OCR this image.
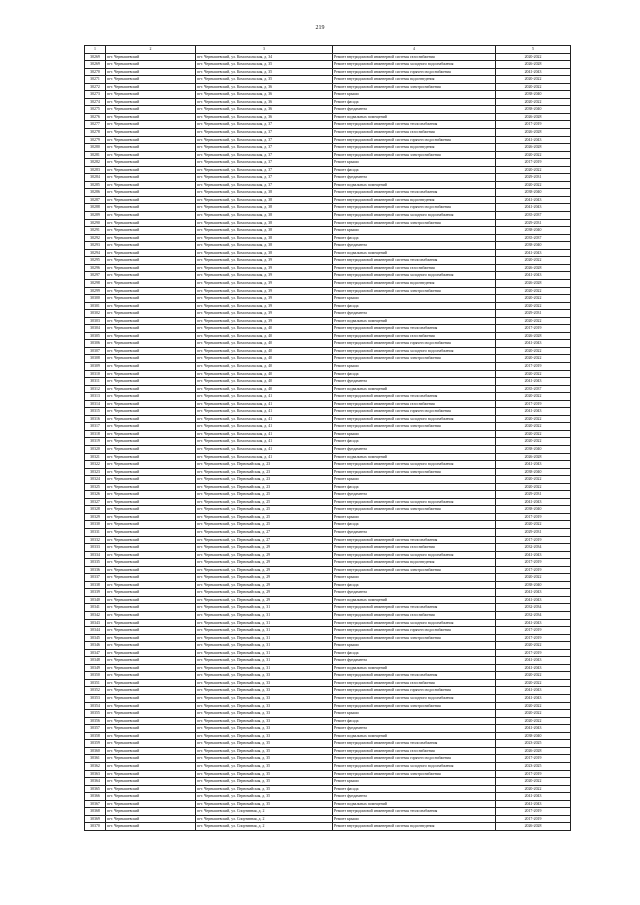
219
1	2	3	4	5
30269	пгт. Чернышевский	пгт. Чернышевский, ул. Комсомольская, д. 34	Ремонт внутридомовой инженерной системы газоснабжения	2020-2022
30269	пгт. Чернышевский	пгт. Чернышевский, ул. Комсомольская, д. 35	Ремонт внутридомовой инженерной системы холодного водоснабжения	2026-2028
30270	пгт. Чернышевский	пгт. Чернышевский, ул. Комсомольская, д. 35	Ремонт внутридомовой инженерной системы горячего водоснабжения	2041-2043
30271	пгт. Чернышевский	пгт. Чернышевский, ул. Комсомольская, д. 35	Ремонт внутридомовой инженерной системы водоотведения	2020-2022
30272	пгт. Чернышевский	пгт. Чернышевский, ул. Комсомольская, д. 36	Ремонт внутридомовой инженерной системы электроснабжения	2020-2022
30273	пгт. Чернышевский	пгт. Чернышевский, ул. Комсомольская, д. 36	Ремонт крыши	2038-2040
30274	пгт. Чернышевский	пгт. Чернышевский, ул. Комсомольская, д. 36	Ремонт фасада	2020-2022
30275	пгт. Чернышевский	пгт. Чернышевский, ул. Комсомольская, д. 36	Ремонт фундамента	2038-2040
30276	пгт. Чернышевский	пгт. Чернышевский, ул. Комсомольская, д. 36	Ремонт подвальных помещений	2026-2028
30277	пгт. Чернышевский	пгт. Чернышевский, ул. Комсомольская, д. 37	Ремонт внутридомовой инженерной системы теплоснабжения	2017-2019
30278	пгт. Чернышевский	пгт. Чернышевский, ул. Комсомольская, д. 37	Ремонт внутридомовой инженерной системы газоснабжения	2026-2028
30279	пгт. Чернышевский	пгт. Чернышевский, ул. Комсомольская, д. 37	Ремонт внутридомовой инженерной системы горячего водоснабжения	2041-2043
30280	пгт. Чернышевский	пгт. Чернышевский, ул. Комсомольская, д. 37	Ремонт внутридомовой инженерной системы водоотведения	2026-2028
30281	пгт. Чернышевский	пгт. Чернышевский, ул. Комсомольская, д. 37	Ремонт внутридомовой инженерной системы электроснабжения	2020-2022
30282	пгт. Чернышевский	пгт. Чернышевский, ул. Комсомольская, д. 37	Ремонт крыши	2017-2019
30283	пгт. Чернышевский	пгт. Чернышевский, ул. Комсомольская, д. 37	Ремонт фасада	2020-2022
30284	пгт. Чернышевский	пгт. Чернышевский, ул. Комсомольская, д. 37	Ремонт фундамента	2029-2031
30285	пгт. Чернышевский	пгт. Чернышевский, ул. Комсомольская, д. 37	Ремонт подвальных помещений	2020-2022
30286	пгт. Чернышевский	пгт. Чернышевский, ул. Комсомольская, д. 38	Ремонт внутридомовой инженерной системы теплоснабжения	2038-2040
30287	пгт. Чернышевский	пгт. Чернышевский, ул. Комсомольская, д. 38	Ремонт внутридомовой инженерной системы водоотведения	2041-2043
30288	пгт. Чернышевский	пгт. Чернышевский, ул. Комсомольская, д. 38	Ремонт внутридомовой инженерной системы горячего водоснабжения	2041-2043
30289	пгт. Чернышевский	пгт. Чернышевский, ул. Комсомольская, д. 38	Ремонт внутридомовой инженерной системы холодного водоснабжения	2035-2037
30290	пгт. Чернышевский	пгт. Чернышевский, ул. Комсомольская, д. 38	Ремонт внутридомовой инженерной системы электроснабжения	2029-2031
30291	пгт. Чернышевский	пгт. Чернышевский, ул. Комсомольская, д. 38	Ремонт крыши	2038-2040
30292	пгт. Чернышевский	пгт. Чернышевский, ул. Комсомольская, д. 38	Ремонт фасада	2035-2037
30293	пгт. Чернышевский	пгт. Чернышевский, ул. Комсомольская, д. 38	Ремонт фундамента	2038-2040
30294	пгт. Чернышевский	пгт. Чернышевский, ул. Комсомольская, д. 38	Ремонт подвальных помещений	2041-2043
30295	пгт. Чернышевский	пгт. Чернышевский, ул. Комсомольская, д. 39	Ремонт внутридомовой инженерной системы теплоснабжения	2020-2022
30296	пгт. Чернышевский	пгт. Чернышевский, ул. Комсомольская, д. 39	Ремонт внутридомовой инженерной системы газоснабжения	2026-2028
30297	пгт. Чернышевский	пгт. Чернышевский, ул. Комсомольская, д. 39	Ремонт внутридомовой инженерной системы холодного водоснабжения	2041-2043
30298	пгт. Чернышевский	пгт. Чернышевский, ул. Комсомольская, д. 39	Ремонт внутридомовой инженерной системы водоотведения	2026-2028
30299	пгт. Чернышевский	пгт. Чернышевский, ул. Комсомольская, д. 39	Ремонт внутридомовой инженерной системы электроснабжения	2020-2022
30300	пгт. Чернышевский	пгт. Чернышевский, ул. Комсомольская, д. 39	Ремонт крыши	2020-2022
30301	пгт. Чернышевский	пгт. Чернышевский, ул. Комсомольская, д. 39	Ремонт фасада	2020-2022
30302	пгт. Чернышевский	пгт. Чернышевский, ул. Комсомольская, д. 39	Ремонт фундамента	2029-2031
30303	пгт. Чернышевский	пгт. Чернышевский, ул. Комсомольская, д. 39	Ремонт подвальных помещений	2020-2022
30304	пгт. Чернышевский	пгт. Чернышевский, ул. Комсомольская, д. 40	Ремонт внутридомовой инженерной системы теплоснабжения	2017-2019
30305	пгт. Чернышевский	пгт. Чернышевский, ул. Комсомольская, д. 40	Ремонт внутридомовой инженерной системы газоснабжения	2026-2028
30306	пгт. Чернышевский	пгт. Чернышевский, ул. Комсомольская, д. 40	Ремонт внутридомовой инженерной системы горячего водоснабжения	2041-2043
30307	пгт. Чернышевский	пгт. Чернышевский, ул. Комсомольская, д. 40	Ремонт внутридомовой инженерной системы холодного водоснабжения	2020-2022
30308	пгт. Чернышевский	пгт. Чернышевский, ул. Комсомольская, д. 40	Ремонт внутридомовой инженерной системы электроснабжения	2020-2022
30309	пгт. Чернышевский	пгт. Чернышевский, ул. Комсомольская, д. 40	Ремонт крыши	2017-2019
30310	пгт. Чернышевский	пгт. Чернышевский, ул. Комсомольская, д. 40	Ремонт фасада	2020-2022
30311	пгт. Чернышевский	пгт. Чернышевский, ул. Комсомольская, д. 40	Ремонт фундамента	2041-2043
30312	пгт. Чернышевский	пгт. Чернышевский, ул. Комсомольская, д. 40	Ремонт подвальных помещений	2035-2037
30313	пгт. Чернышевский	пгт. Чернышевский, ул. Комсомольская, д. 41	Ремонт внутридомовой инженерной системы теплоснабжения	2020-2022
30314	пгт. Чернышевский	пгт. Чернышевский, ул. Комсомольская, д. 41	Ремонт внутридомовой инженерной системы газоснабжения	2017-2019
30315	пгт. Чернышевский	пгт. Чернышевский, ул. Комсомольская, д. 41	Ремонт внутридомовой инженерной системы горячего водоснабжения	2041-2043
30316	пгт. Чернышевский	пгт. Чернышевский, ул. Комсомольская, д. 41	Ремонт внутридомовой инженерной системы холодного водоснабжения	2020-2022
30317	пгт. Чернышевский	пгт. Чернышевский, ул. Комсомольская, д. 41	Ремонт внутридомовой инженерной системы электроснабжения	2020-2022
30318	пгт. Чернышевский	пгт. Чернышевский, ул. Комсомольская, д. 41	Ремонт крыши	2020-2022
30319	пгт. Чернышевский	пгт. Чернышевский, ул. Комсомольская, д. 41	Ремонт фасада	2020-2022
30320	пгт. Чернышевский	пгт. Чернышевский, ул. Комсомольская, д. 41	Ремонт фундамента	2038-2040
30321	пгт. Чернышевский	пгт. Чернышевский, ул. Комсомольская, д. 41	Ремонт подвальных помещений	2026-2028
30322	пгт. Чернышевский	пгт. Чернышевский, ул. Первомайская, д. 23	Ремонт внутридомовой инженерной системы холодного водоснабжения	2041-2043
30323	пгт. Чернышевский	пгт. Чернышевский, ул. Первомайская, д. 23	Ремонт внутридомовой инженерной системы электроснабжения	2038-2040
30324	пгт. Чернышевский	пгт. Чернышевский, ул. Первомайская, д. 23	Ремонт крыши	2020-2022
30325	пгт. Чернышевский	пгт. Чернышевский, ул. Первомайская, д. 23	Ремонт фасада	2020-2022
30326	пгт. Чернышевский	пгт. Чернышевский, ул. Первомайская, д. 25	Ремонт фундамента	2029-2031
30327	пгт. Чернышевский	пгт. Чернышевский, ул. Первомайская, д. 25	Ремонт внутридомовой инженерной системы холодного водоснабжения	2041-2043
30328	пгт. Чернышевский	пгт. Чернышевский, ул. Первомайская, д. 25	Ремонт внутридомовой инженерной системы электроснабжения	2038-2040
30329	пгт. Чернышевский	пгт. Чернышевский, ул. Первомайская, д. 25	Ремонт крыши	2017-2019
30330	пгт. Чернышевский	пгт. Чернышевский, ул. Первомайская, д. 25	Ремонт фасада	2020-2022
30331	пгт. Чернышевский	пгт. Чернышевский, ул. Первомайская, д. 27	Ремонт фундамента	2029-2031
30332	пгт. Чернышевский	пгт. Чернышевский, ул. Первомайская, д. 27	Ремонт внутридомовой инженерной системы теплоснабжения	2017-2019
30333	пгт. Чернышевский	пгт. Чернышевский, ул. Первомайская, д. 29	Ремонт внутридомовой инженерной системы газоснабжения	2032-2034
30334	пгт. Чернышевский	пгт. Чернышевский, ул. Первомайская, д. 29	Ремонт внутридомовой инженерной системы холодного водоснабжения	2041-2043
30335	пгт. Чернышевский	пгт. Чернышевский, ул. Первомайская, д. 29	Ремонт внутридомовой инженерной системы водоотведения	2017-2019
30336	пгт. Чернышевский	пгт. Чернышевский, ул. Первомайская, д. 29	Ремонт внутридомовой инженерной системы электроснабжения	2017-2019
30337	пгт. Чернышевский	пгт. Чернышевский, ул. Первомайская, д. 29	Ремонт крыши	2020-2022
30338	пгт. Чернышевский	пгт. Чернышевский, ул. Первомайская, д. 29	Ремонт фасада	2038-2040
30339	пгт. Чернышевский	пгт. Чернышевский, ул. Первомайская, д. 29	Ремонт фундамента	2041-2043
30340	пгт. Чернышевский	пгт. Чернышевский, ул. Первомайская, д. 29	Ремонт подвальных помещений	2041-2043
30341	пгт. Чернышевский	пгт. Чернышевский, ул. Первомайская, д. 31	Ремонт внутридомовой инженерной системы теплоснабжения	2032-2034
30342	пгт. Чернышевский	пгт. Чернышевский, ул. Первомайская, д. 31	Ремонт внутридомовой инженерной системы газоснабжения	2032-2034
30343	пгт. Чернышевский	пгт. Чернышевский, ул. Первомайская, д. 31	Ремонт внутридомовой инженерной системы холодного водоснабжения	2041-2043
30344	пгт. Чернышевский	пгт. Чернышевский, ул. Первомайская, д. 31	Ремонт внутридомовой инженерной системы горячего водоснабжения	2017-2019
30345	пгт. Чернышевский	пгт. Чернышевский, ул. Первомайская, д. 31	Ремонт внутридомовой инженерной системы электроснабжения	2017-2019
30346	пгт. Чернышевский	пгт. Чернышевский, ул. Первомайская, д. 31	Ремонт крыши	2020-2022
30347	пгт. Чернышевский	пгт. Чернышевский, ул. Первомайская, д. 31	Ремонт фасада	2017-2019
30348	пгт. Чернышевский	пгт. Чернышевский, ул. Первомайская, д. 31	Ремонт фундамента	2041-2043
30349	пгт. Чернышевский	пгт. Чернышевский, ул. Первомайская, д. 31	Ремонт подвальных помещений	2041-2043
30350	пгт. Чернышевский	пгт. Чернышевский, ул. Первомайская, д. 33	Ремонт внутридомовой инженерной системы теплоснабжения	2020-2022
30351	пгт. Чернышевский	пгт. Чернышевский, ул. Первомайская, д. 33	Ремонт внутридомовой инженерной системы газоснабжения	2020-2022
30352	пгт. Чернышевский	пгт. Чернышевский, ул. Первомайская, д. 33	Ремонт внутридомовой инженерной системы горячего водоснабжения	2041-2043
30353	пгт. Чернышевский	пгт. Чернышевский, ул. Первомайская, д. 33	Ремонт внутридомовой инженерной системы холодного водоснабжения	2041-2043
30354	пгт. Чернышевский	пгт. Чернышевский, ул. Первомайская, д. 33	Ремонт внутридомовой инженерной системы электроснабжения	2020-2022
30355	пгт. Чернышевский	пгт. Чернышевский, ул. Первомайская, д. 33	Ремонт крыши	2020-2022
30356	пгт. Чернышевский	пгт. Чернышевский, ул. Первомайская, д. 33	Ремонт фасада	2020-2022
30357	пгт. Чернышевский	пгт. Чернышевский, ул. Первомайская, д. 33	Ремонт фундамента	2041-2043
30358	пгт. Чернышевский	пгт. Чернышевский, ул. Первомайская, д. 33	Ремонт подвальных помещений	2038-2040
30359	пгт. Чернышевский	пгт. Чернышевский, ул. Первомайская, д. 35	Ремонт внутридомовой инженерной системы теплоснабжения	2023-2025
30360	пгт. Чернышевский	пгт. Чернышевский, ул. Первомайская, д. 35	Ремонт внутридомовой инженерной системы газоснабжения	2026-2028
30361	пгт. Чернышевский	пгт. Чернышевский, ул. Первомайская, д. 35	Ремонт внутридомовой инженерной системы горячего водоснабжения	2017-2019
30362	пгт. Чернышевский	пгт. Чернышевский, ул. Первомайская, д. 35	Ремонт внутридомовой инженерной системы холодного водоснабжения	2023-2025
30363	пгт. Чернышевский	пгт. Чернышевский, ул. Первомайская, д. 35	Ремонт внутридомовой инженерной системы электроснабжения	2017-2019
30364	пгт. Чернышевский	пгт. Чернышевский, ул. Первомайская, д. 35	Ремонт крыши	2020-2022
30365	пгт. Чернышевский	пгт. Чернышевский, ул. Первомайская, д. 35	Ремонт фасада	2020-2022
30366	пгт. Чернышевский	пгт. Чернышевский, ул. Первомайская, д. 35	Ремонт фундамента	2041-2043
30367	пгт. Чернышевский	пгт. Чернышевский, ул. Первомайская, д. 35	Ремонт подвальных помещений	2041-2043
30368	пгт. Чернышевский	пгт. Чернышевский, ул. Спортивная, д. 2	Ремонт внутридомовой инженерной системы теплоснабжения	2017-2019
30369	пгт. Чернышевский	пгт. Чернышевский, ул. Спортивная, д. 2	Ремонт крыши	2017-2019
30370	пгт. Чернышевский	пгт. Чернышевский, ул. Спортивная, д. 2	Ремонт внутридомовой инженерной системы водоотведения	2026-2028
